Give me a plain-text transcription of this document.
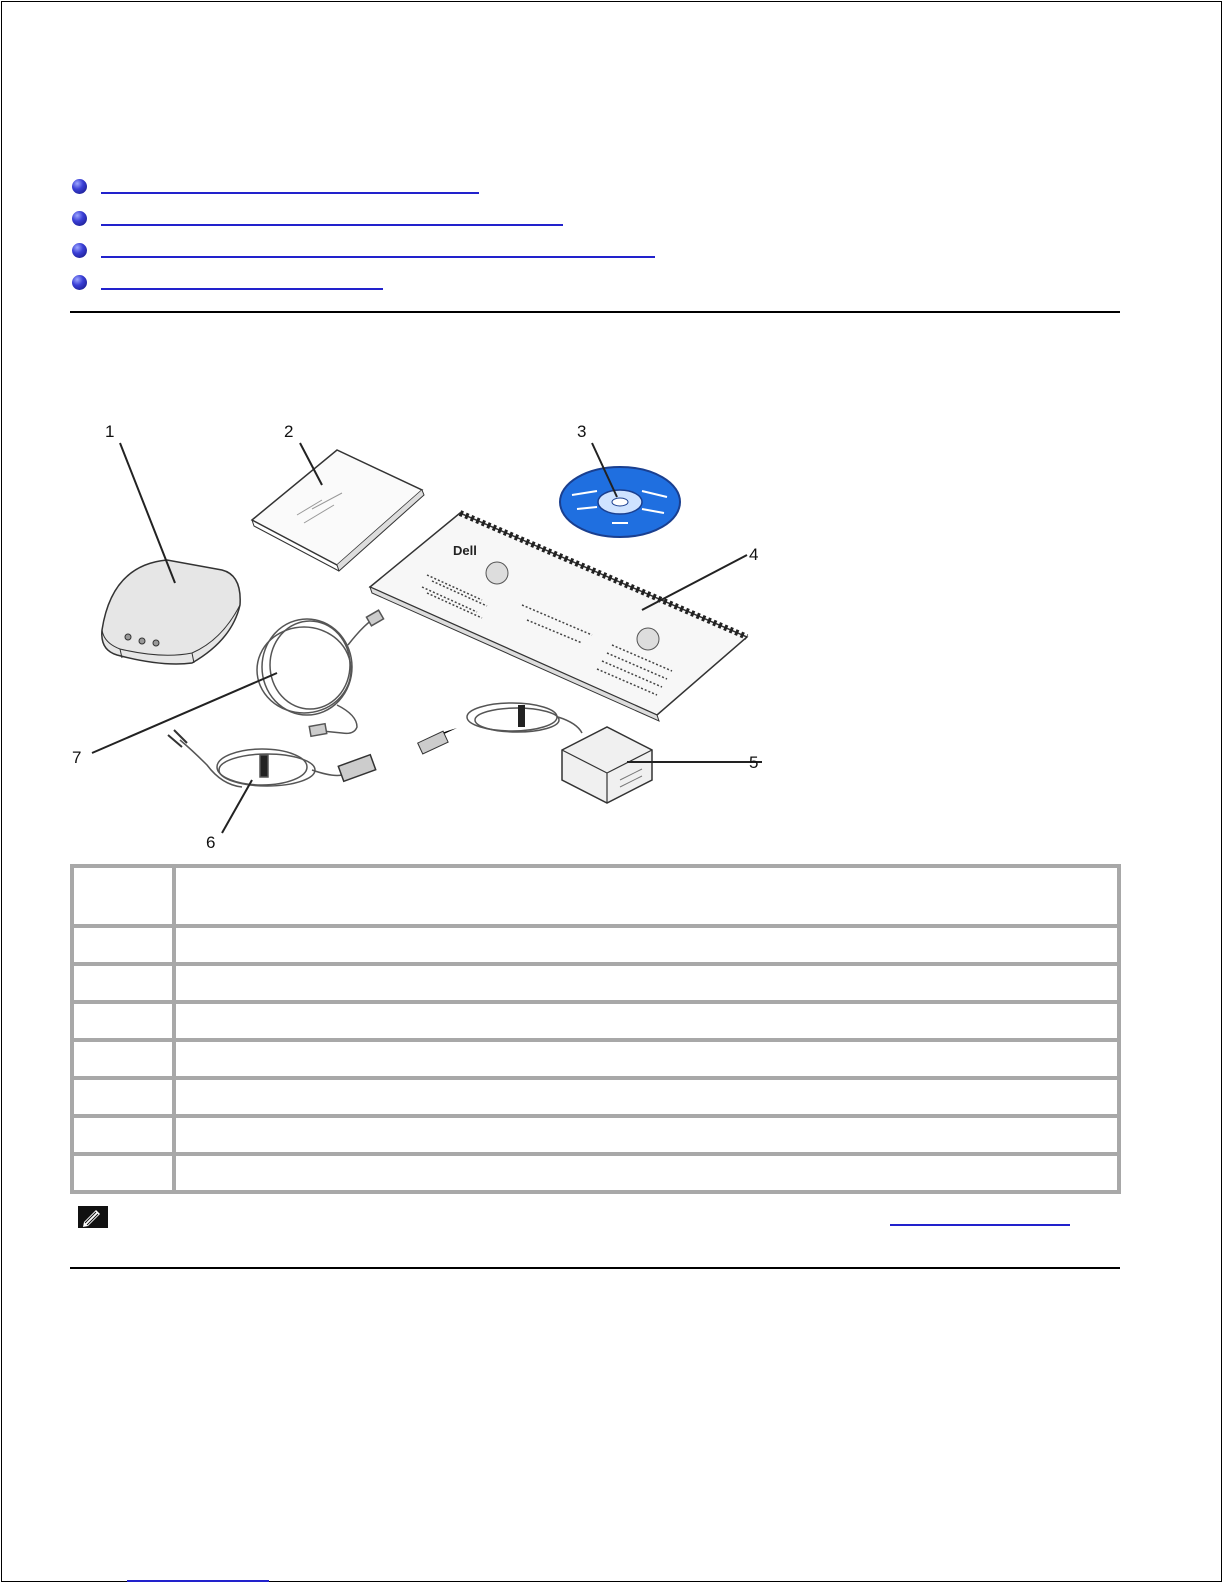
Dell
1	2	3
4
5
6
7
